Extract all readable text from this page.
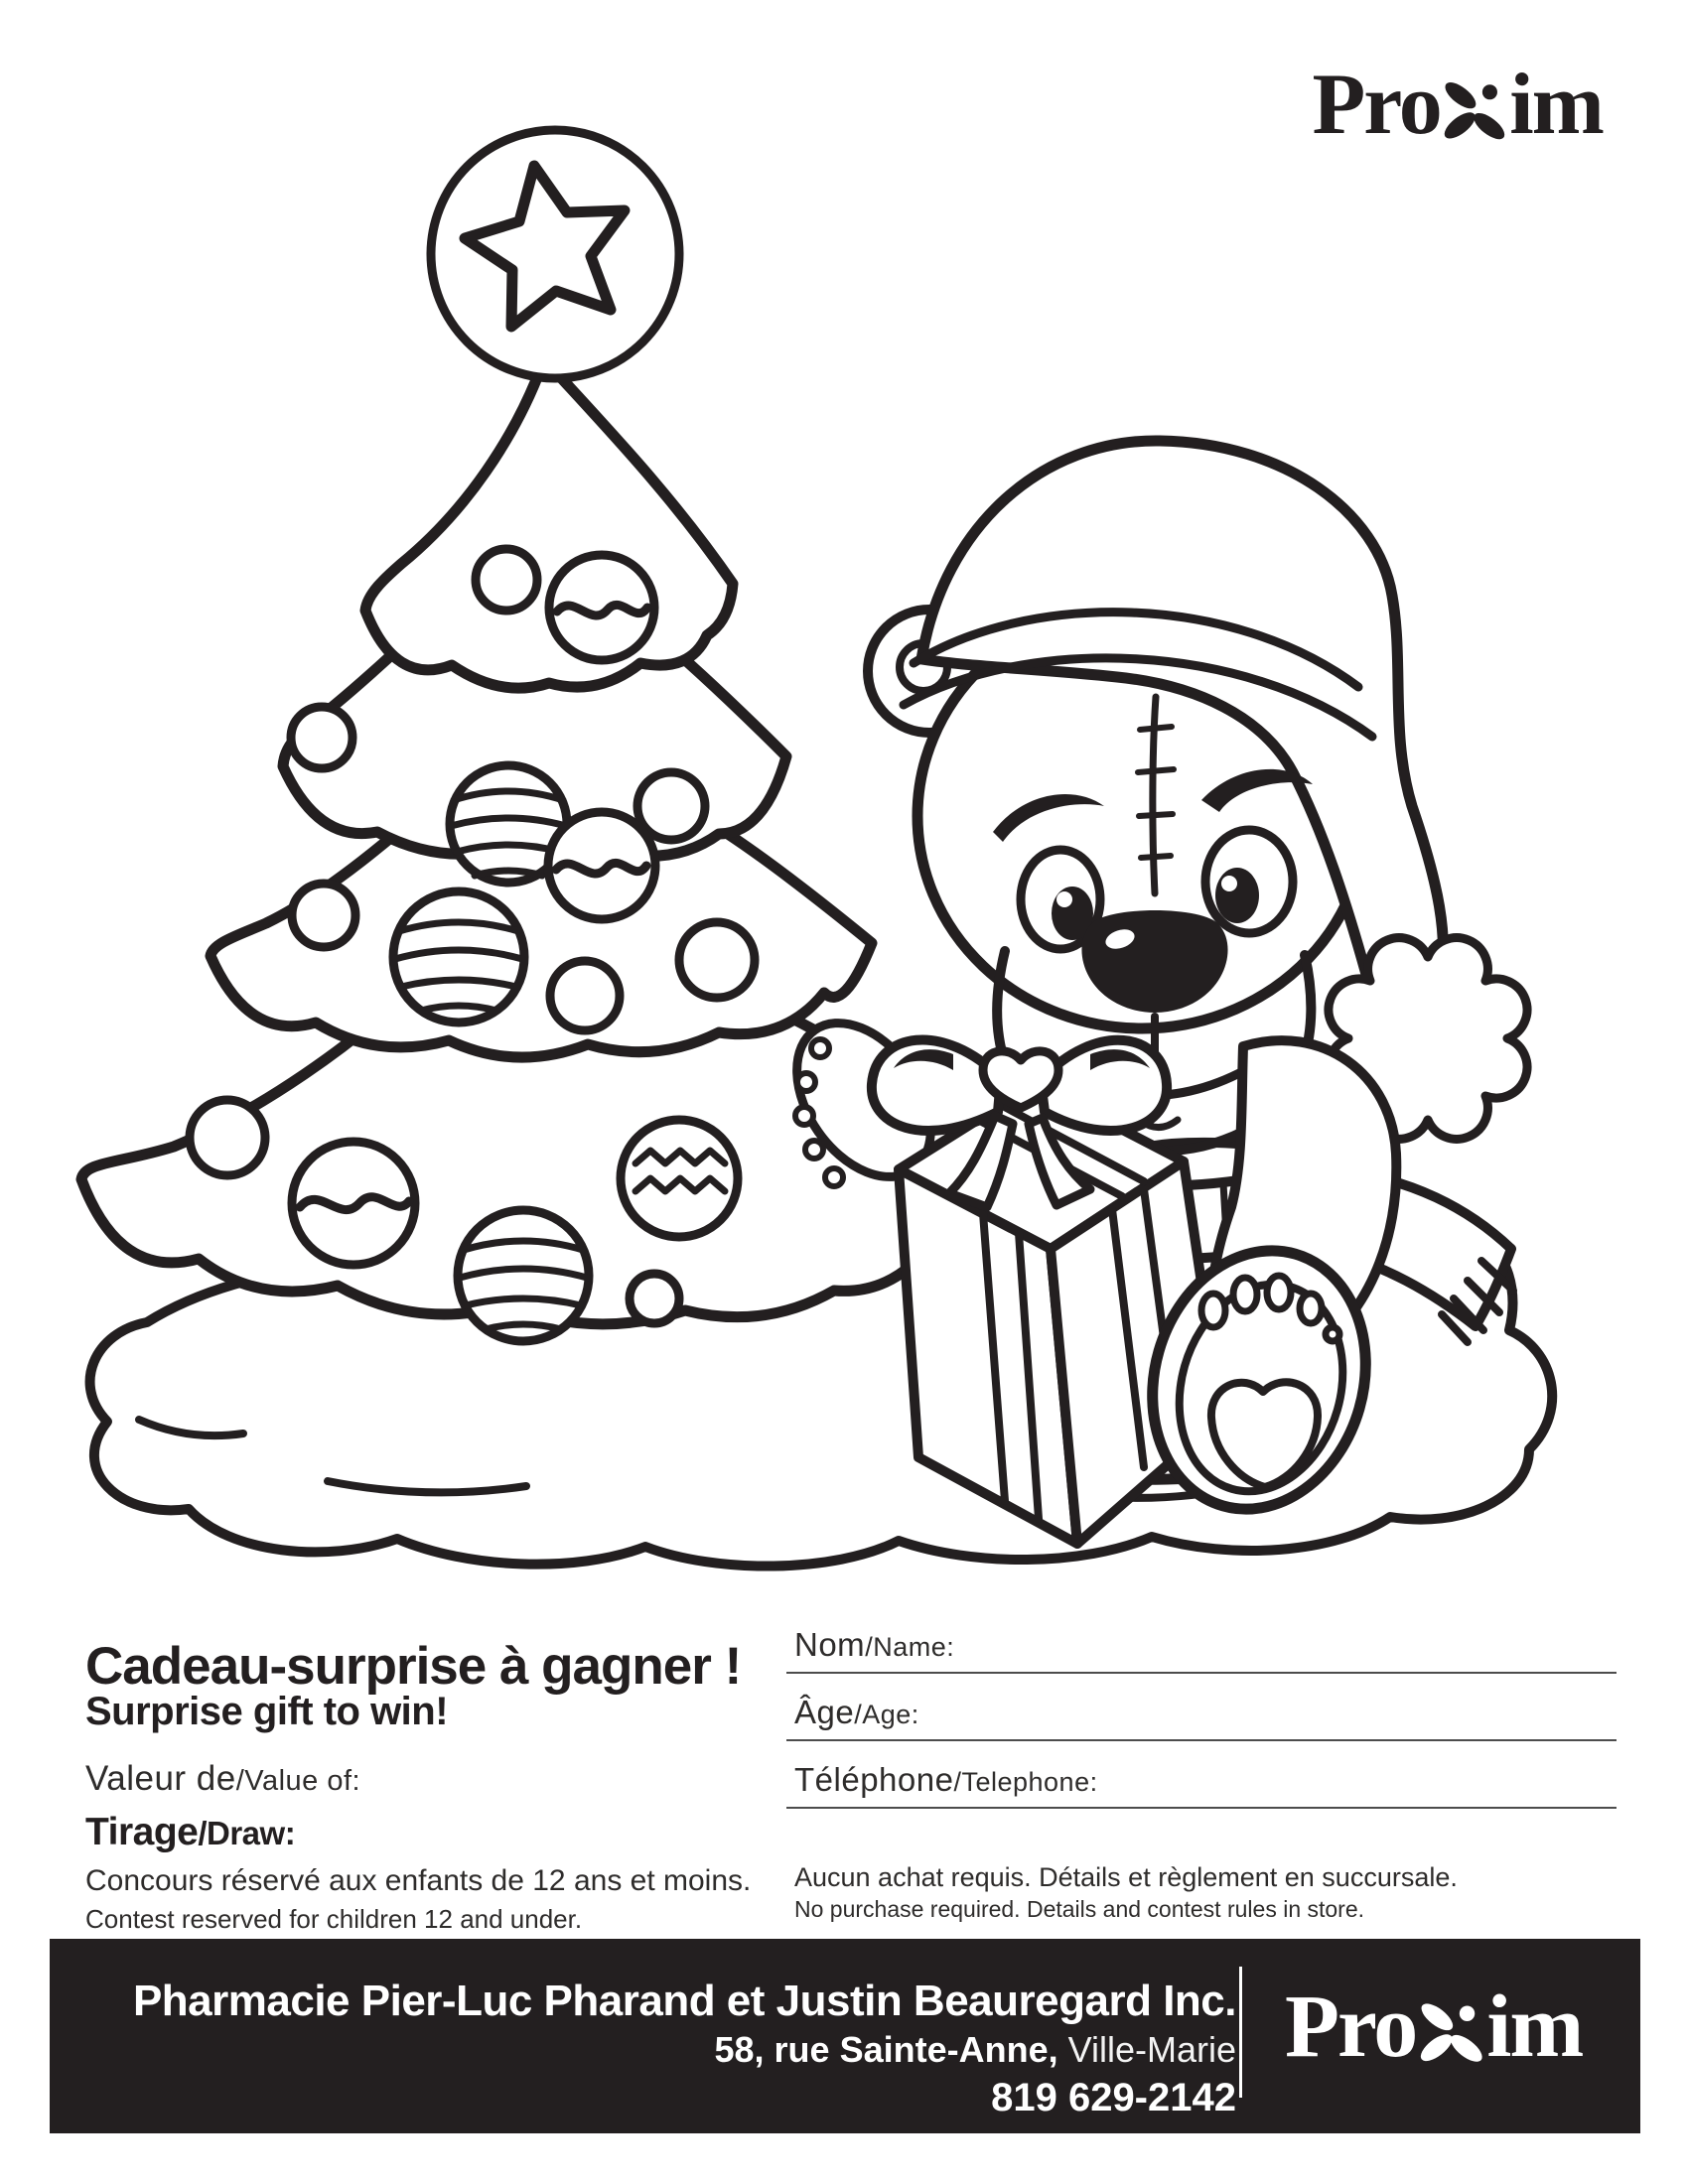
Pro im
Cadeau-surprise à gagner !
Surprise gift to win!
Valeur de/Value of:
Tirage/Draw:
Concours réservé aux enfants de 12 ans et moins.
Contest reserved for children 12 and under.
Nom/Name:
Âge/Age:
Téléphone/Telephone:
Aucun achat requis. Détails et règlement en succursale.
No purchase required. Details and contest rules in store.
Pharmacie Pier-Luc Pharand et Justin Beauregard Inc.
58, rue Sainte-Anne, Ville-Marie
819 629-2142
Pro im
